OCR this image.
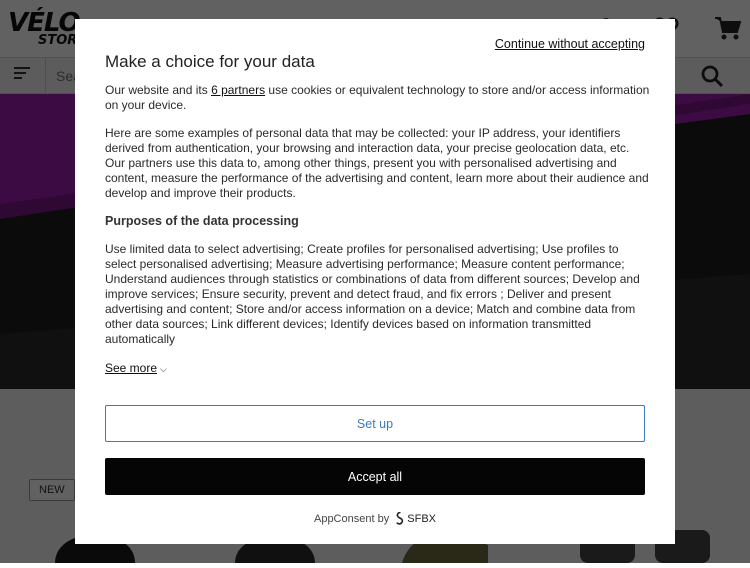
Search
Continue without accepting
Make a choice for your data

Our website and its 6 partners use cookies or equivalent technology to store and/or access information on your device.

Here are some examples of personal data that may be collected: your IP address, your identifiers derived from authentication, your browsing and interaction data, your precise geolocation data, etc. Our partners use this data to, among other things, present you with personalised advertising and content, measure the performance of the advertising and content, learn more about their audience and develop and improve their products.

Purposes of the data processing

Use limited data to select advertising; Create profiles for personalised advertising; Use profiles to select personalised advertising; Measure advertising performance; Measure content performance; Understand audiences through statistics or combinations of data from different sources; Develop and improve services; Ensure security, prevent and detect fraud, and fix errors ; Deliver and present advertising and content; Store and/or access information on a device; Match and combine data from other data sources; Link different devices; Identify devices based on information transmitted automatically

See more ⌵
Set up
Accept all
AppConsent by SFBX
